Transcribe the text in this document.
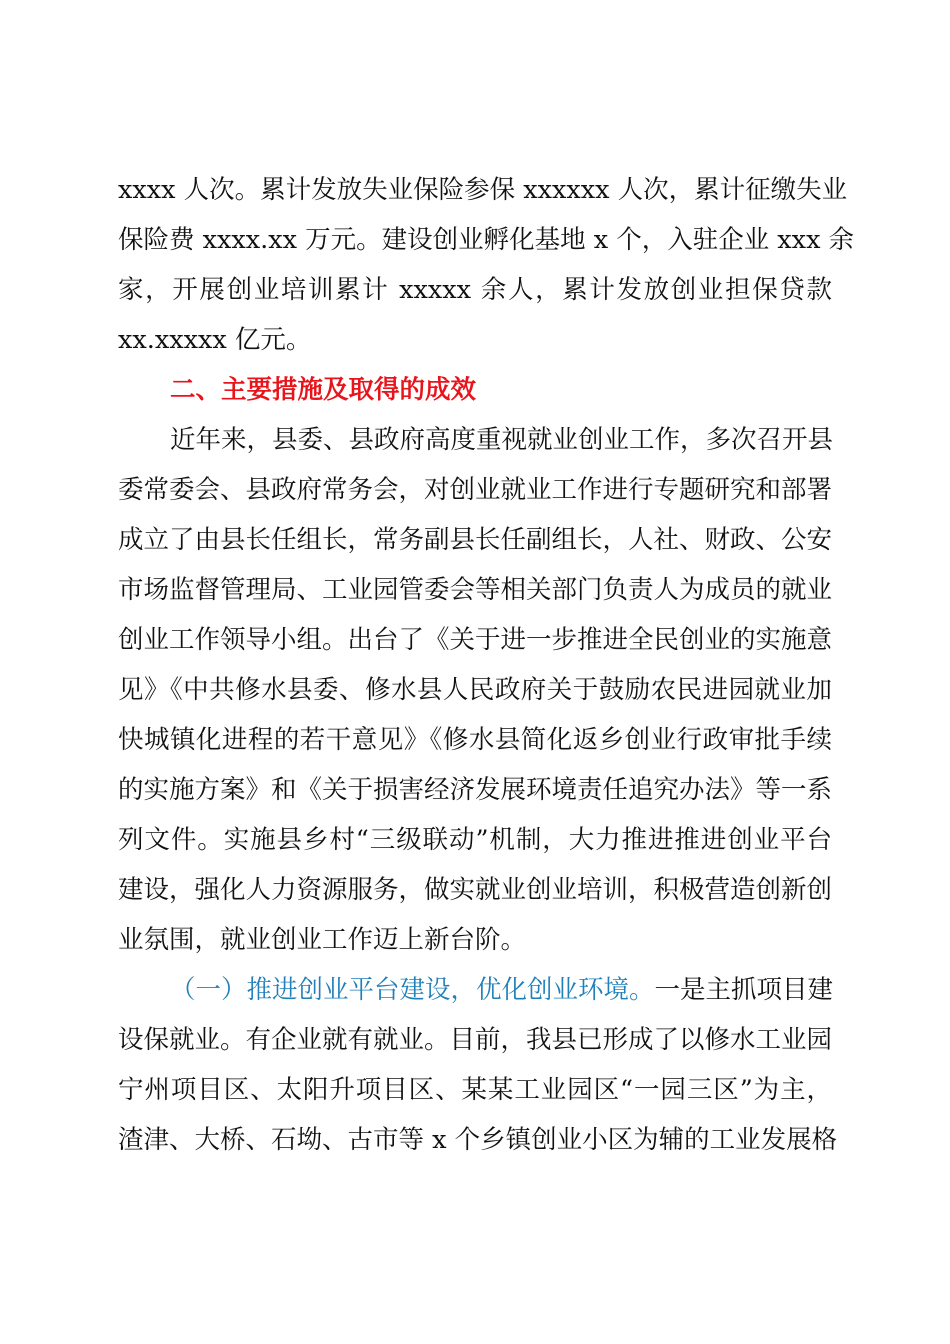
xxxx 人次。累计发放失业保险参保 xxxxxx 人次，累计征缴失业
保险费 xxxx.xx 万元。建设创业孵化基地 x 个，入驻企业 xxx 余
家，开展创业培训累计 xxxxx 余人，累计发放创业担保贷款
xx.xxxxx 亿元。
二、主要措施及取得的成效
近年来，县委、县政府高度重视就业创业工作，多次召开县
委常委会、县政府常务会，对创业就业工作进行专题研究和部署
成立了由县长任组长，常务副县长任副组长，人社、财政、公安
市场监督管理局、工业园管委会等相关部门负责人为成员的就业
创业工作领导小组。出台了《关于进一步推进全民创业的实施意
见》《中共修水县委、修水县人民政府关于鼓励农民进园就业加
快城镇化进程的若干意见》《修水县简化返乡创业行政审批手续
的实施方案》和《关于损害经济发展环境责任追究办法》等一系
列文件。实施县乡村“三级联动”机制，大力推进推进创业平台
建设，强化人力资源服务，做实就业创业培训，积极营造创新创
业氛围，就业创业工作迈上新台阶。
（一）推进创业平台建设，优化创业环境。 一是主抓项目建
设保就业。有企业就有就业。目前，我县已形成了以修水工业园
宁州项目区、太阳升项目区、某某工业园区“一园三区”为主，
渣津、大桥、石坳、古市等 x 个乡镇创业小区为辅的工业发展格
